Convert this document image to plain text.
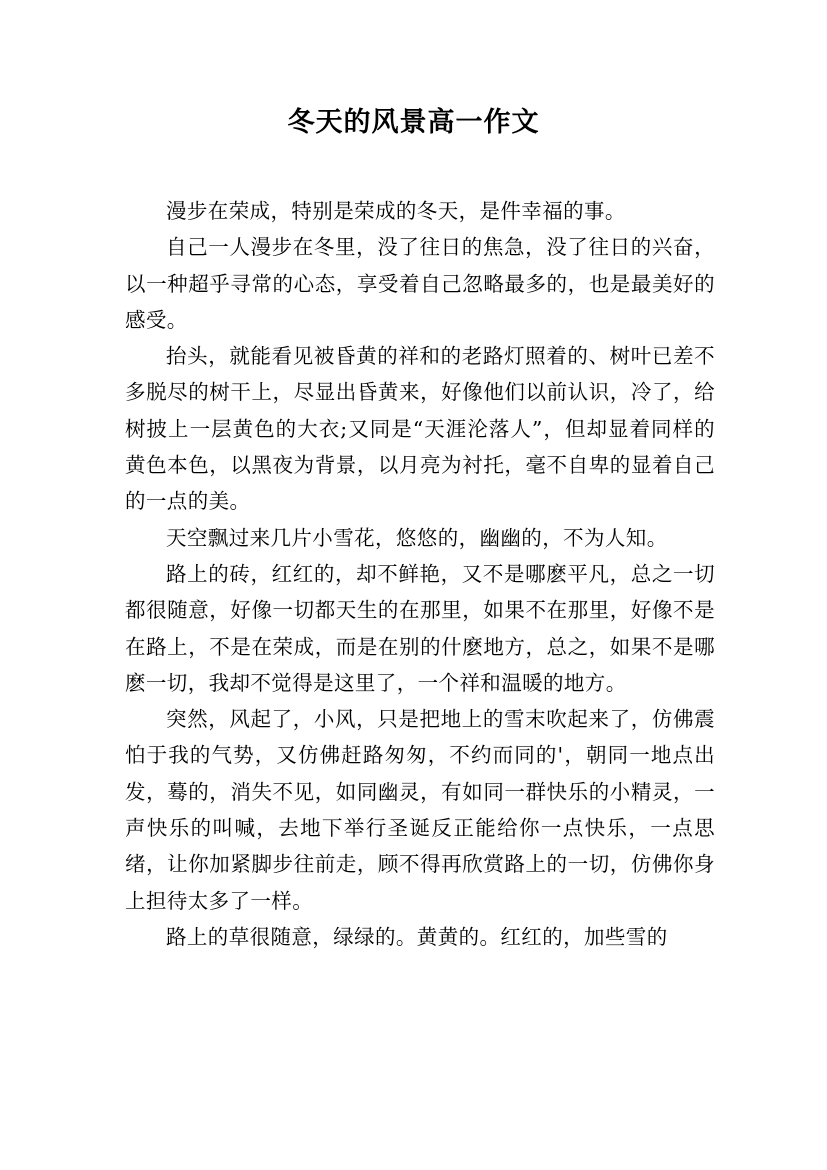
冬天的风景高一作文

漫步在荣成，特别是荣成的冬天，是件幸福的事。

自己一人漫步在冬里，没了往日的焦急，没了往日的兴奋，以一种超乎寻常的心态，享受着自己忽略最多的，也是最美好的感受。

抬头，就能看见被昏黄的祥和的老路灯照着的、树叶已差不多脱尽的树干上，尽显出昏黄来，好像他们以前认识，冷了，给树披上一层黄色的大衣;又同是“天涯沦落人”，但却显着同样的黄色本色，以黑夜为背景，以月亮为衬托，毫不自卑的显着自己的一点的美。

天空飘过来几片小雪花，悠悠的，幽幽的，不为人知。

路上的砖，红红的，却不鲜艳，又不是哪麽平凡，总之一切都很随意，好像一切都天生的在那里，如果不在那里，好像不是在路上，不是在荣成，而是在别的什麽地方，总之，如果不是哪麽一切，我却不觉得是这里了，一个祥和温暖的地方。

突然，风起了，小风，只是把地上的雪末吹起来了，仿佛震怕于我的气势，又仿佛赶路匆匆，不约而同的'，朝同一地点出发，蓦的，消失不见，如同幽灵，有如同一群快乐的小精灵，一声快乐的叫喊，去地下举行圣诞反正能给你一点快乐，一点思绪，让你加紧脚步往前走，顾不得再欣赏路上的一切，仿佛你身上担待太多了一样。

路上的草很随意，绿绿的。黄黄的。红红的，加些雪的
